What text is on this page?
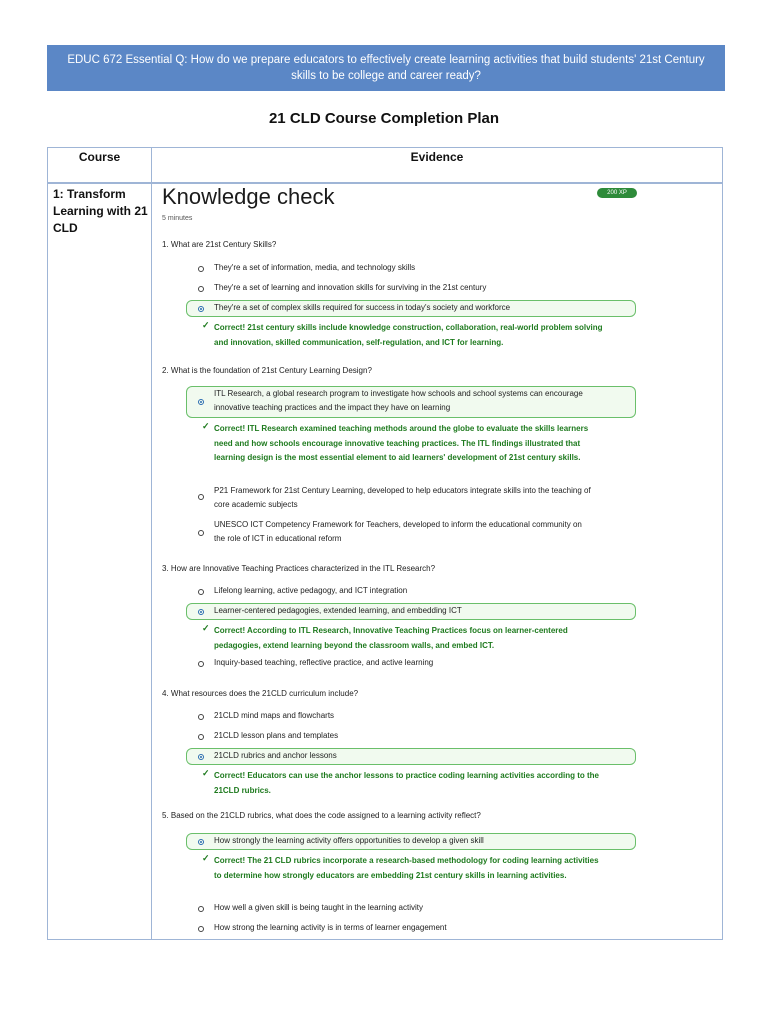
EDUC 672 Essential Q: How do we prepare educators to effectively create learning activities that build students' 21st Century skills to be college and career ready?
21 CLD Course Completion Plan
Course	Evidence
1: Transform Learning with 21 CLD
Knowledge check
5 minutes
200 XP
1. What are 21st Century Skills?
They're a set of information, media, and technology skills
They're a set of learning and innovation skills for surviving in the 21st century
They're a set of complex skills required for success in today's society and workforce
✓ Correct! 21st century skills include knowledge construction, collaboration, real-world problem solving and innovation, skilled communication, self-regulation, and ICT for learning.
2. What is the foundation of 21st Century Learning Design?
ITL Research, a global research program to investigate how schools and school systems can encourage innovative teaching practices and the impact they have on learning
✓ Correct! ITL Research examined teaching methods around the globe to evaluate the skills learners need and how schools encourage innovative teaching practices. The ITL findings illustrated that learning design is the most essential element to aid learners' development of 21st century skills.
P21 Framework for 21st Century Learning, developed to help educators integrate skills into the teaching of core academic subjects
UNESCO ICT Competency Framework for Teachers, developed to inform the educational community on the role of ICT in educational reform
3. How are Innovative Teaching Practices characterized in the ITL Research?
Lifelong learning, active pedagogy, and ICT integration
Learner-centered pedagogies, extended learning, and embedding ICT
✓ Correct! According to ITL Research, Innovative Teaching Practices focus on learner-centered pedagogies, extend learning beyond the classroom walls, and embed ICT.
Inquiry-based teaching, reflective practice, and active learning
4. What resources does the 21CLD curriculum include?
21CLD mind maps and flowcharts
21CLD lesson plans and templates
21CLD rubrics and anchor lessons
✓ Correct! Educators can use the anchor lessons to practice coding learning activities according to the 21CLD rubrics.
5. Based on the 21CLD rubrics, what does the code assigned to a learning activity reflect?
How strongly the learning activity offers opportunities to develop a given skill
✓ Correct! The 21 CLD rubrics incorporate a research-based methodology for coding learning activities to determine how strongly educators are embedding 21st century skills in learning activities.
How well a given skill is being taught in the learning activity
How strong the learning activity is in terms of learner engagement
